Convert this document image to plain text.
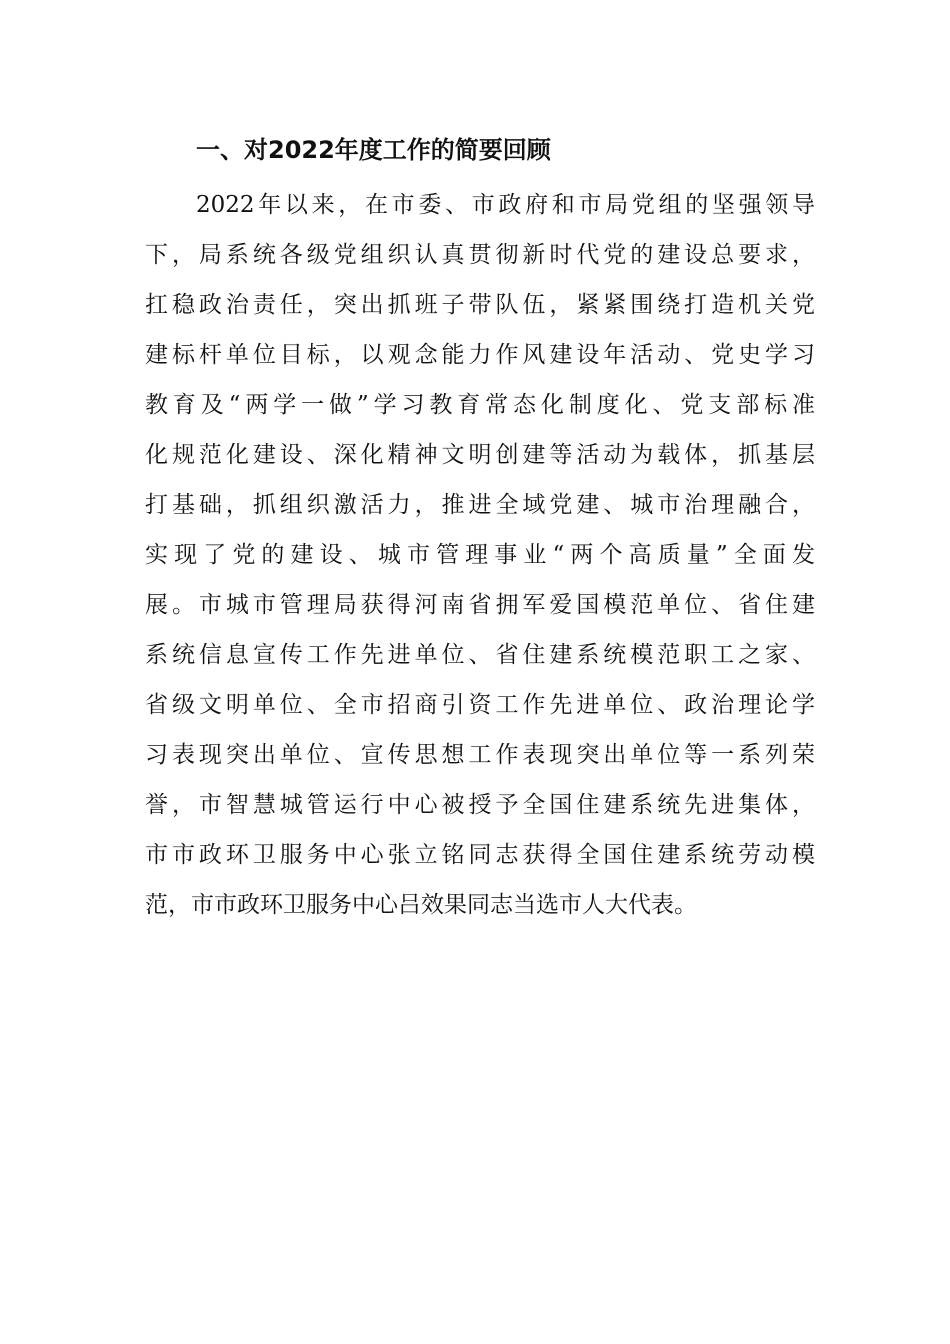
一、对2022年度工作的简要回顾
2022年以来，在市委、市政府和市局党组的坚强领导
下，局系统各级党组织认真贯彻新时代党的建设总要求，
扛稳政治责任，突出抓班子带队伍，紧紧围绕打造机关党
建标杆单位目标，以观念能力作风建设年活动、党史学习
教育及“两学一做”学习教育常态化制度化、党支部标准
化规范化建设、深化精神文明创建等活动为载体，抓基层
打基础，抓组织激活力，推进全域党建、城市治理融合，
实现了党的建设、城市管理事业“两个高质量”全面发
展。市城市管理局获得河南省拥军爱国模范单位、省住建
系统信息宣传工作先进单位、省住建系统模范职工之家、
省级文明单位、全市招商引资工作先进单位、政治理论学
习表现突出单位、宣传思想工作表现突出单位等一系列荣
誉，市智慧城管运行中心被授予全国住建系统先进集体，
市市政环卫服务中心张立铭同志获得全国住建系统劳动模
范，市市政环卫服务中心吕效果同志当选市人大代表。
